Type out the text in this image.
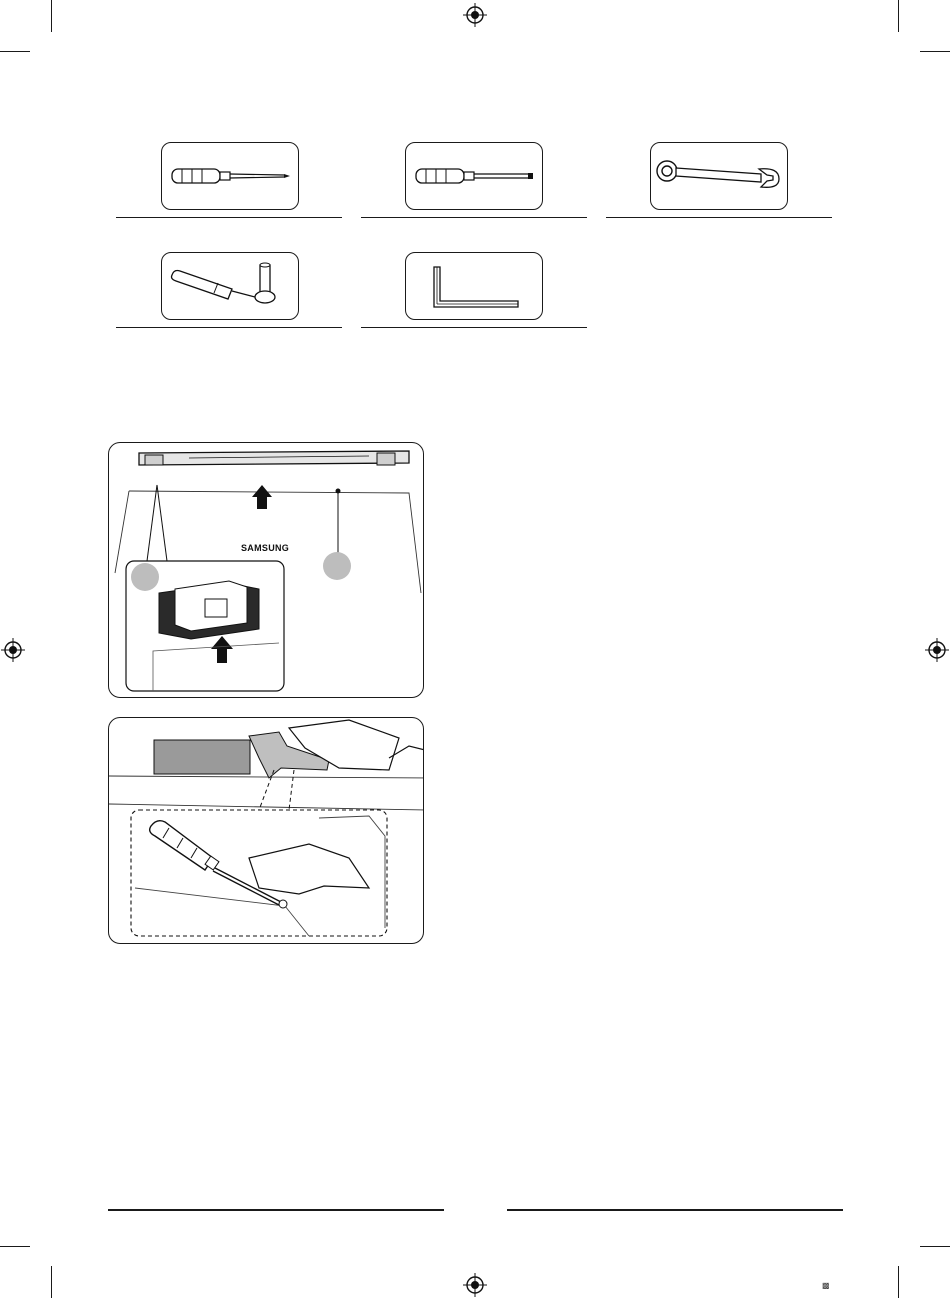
SAMSUNG
▩
